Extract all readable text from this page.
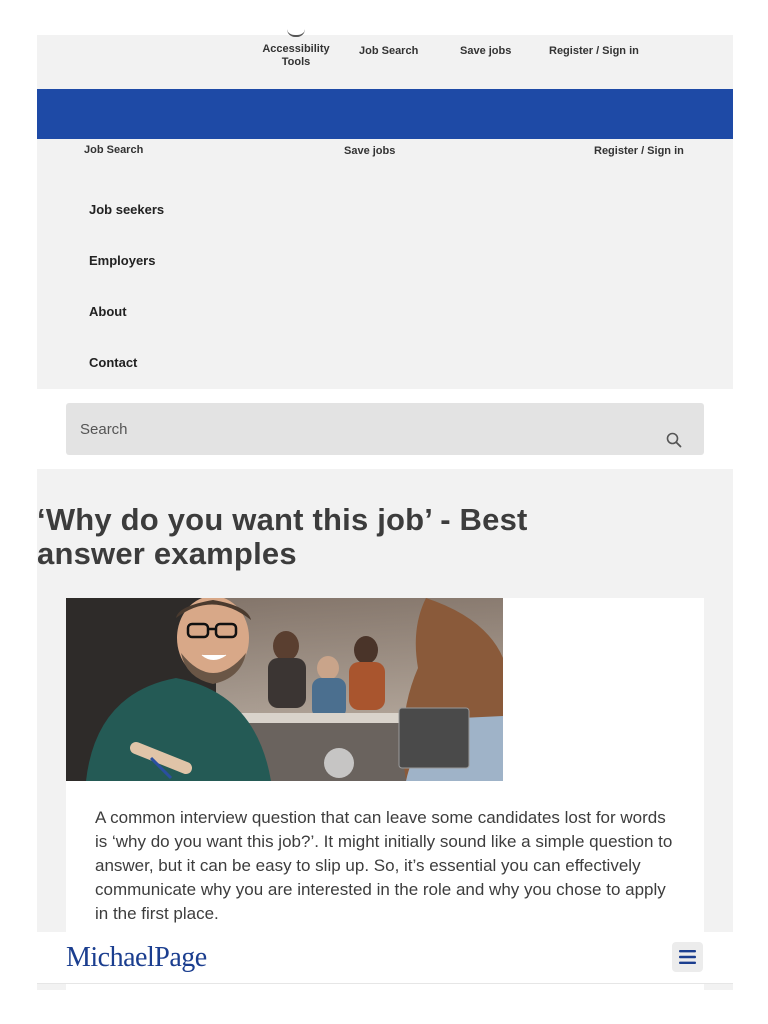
Accessibility Tools
Job Search	Save jobs	Register / Sign in
Job Search	Save jobs	Register / Sign in
Job seekers
Employers
About
Contact
Search
‘Why do you want this job’ - Best answer examples

A common interview question that can leave some candidates lost for words is ‘why do you want this job?’. It might initially sound like a simple question to answer, but it can be easy to slip up. So, it’s essential you can effectively communicate why you are interested in the role and why you chose to apply in the first place.

MichaelPage
